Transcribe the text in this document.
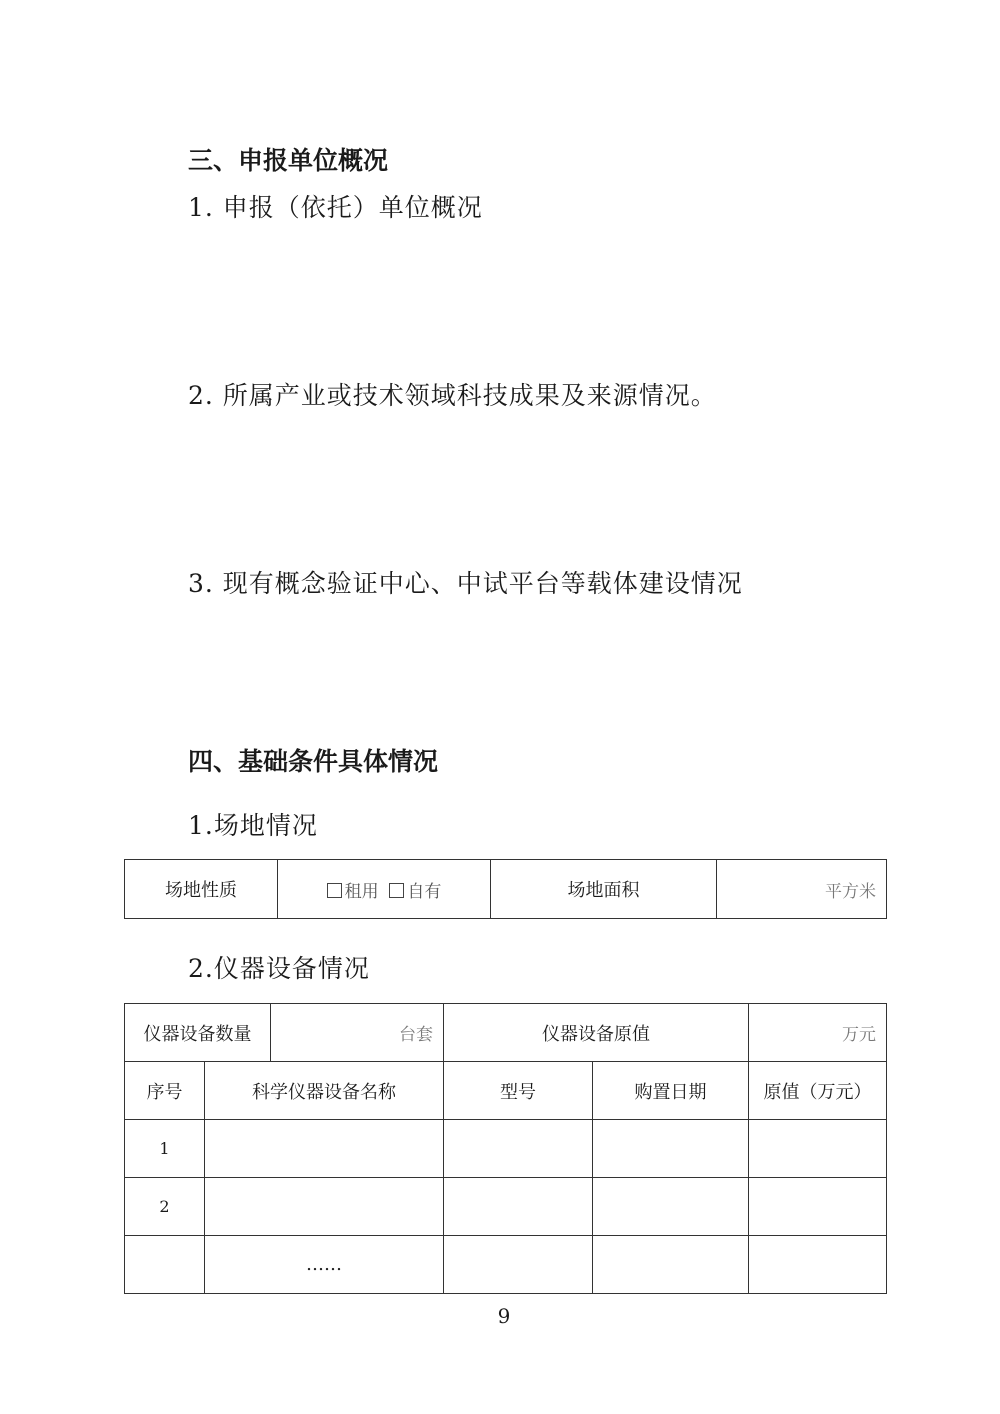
三、申报单位概况
1. 申报（依托）单位概况
2. 所属产业或技术领域科技成果及来源情况。
3. 现有概念验证中心、中试平台等载体建设情况
四、基础条件具体情况
1.场地情况
场地性质	租用 自有	场地面积	平方米
2.仪器设备情况
仪器设备数量		台套	仪器设备原值		万元
序号	科学仪器设备名称		型号	购置日期	原值（万元）
1					
2					
	……				
9
